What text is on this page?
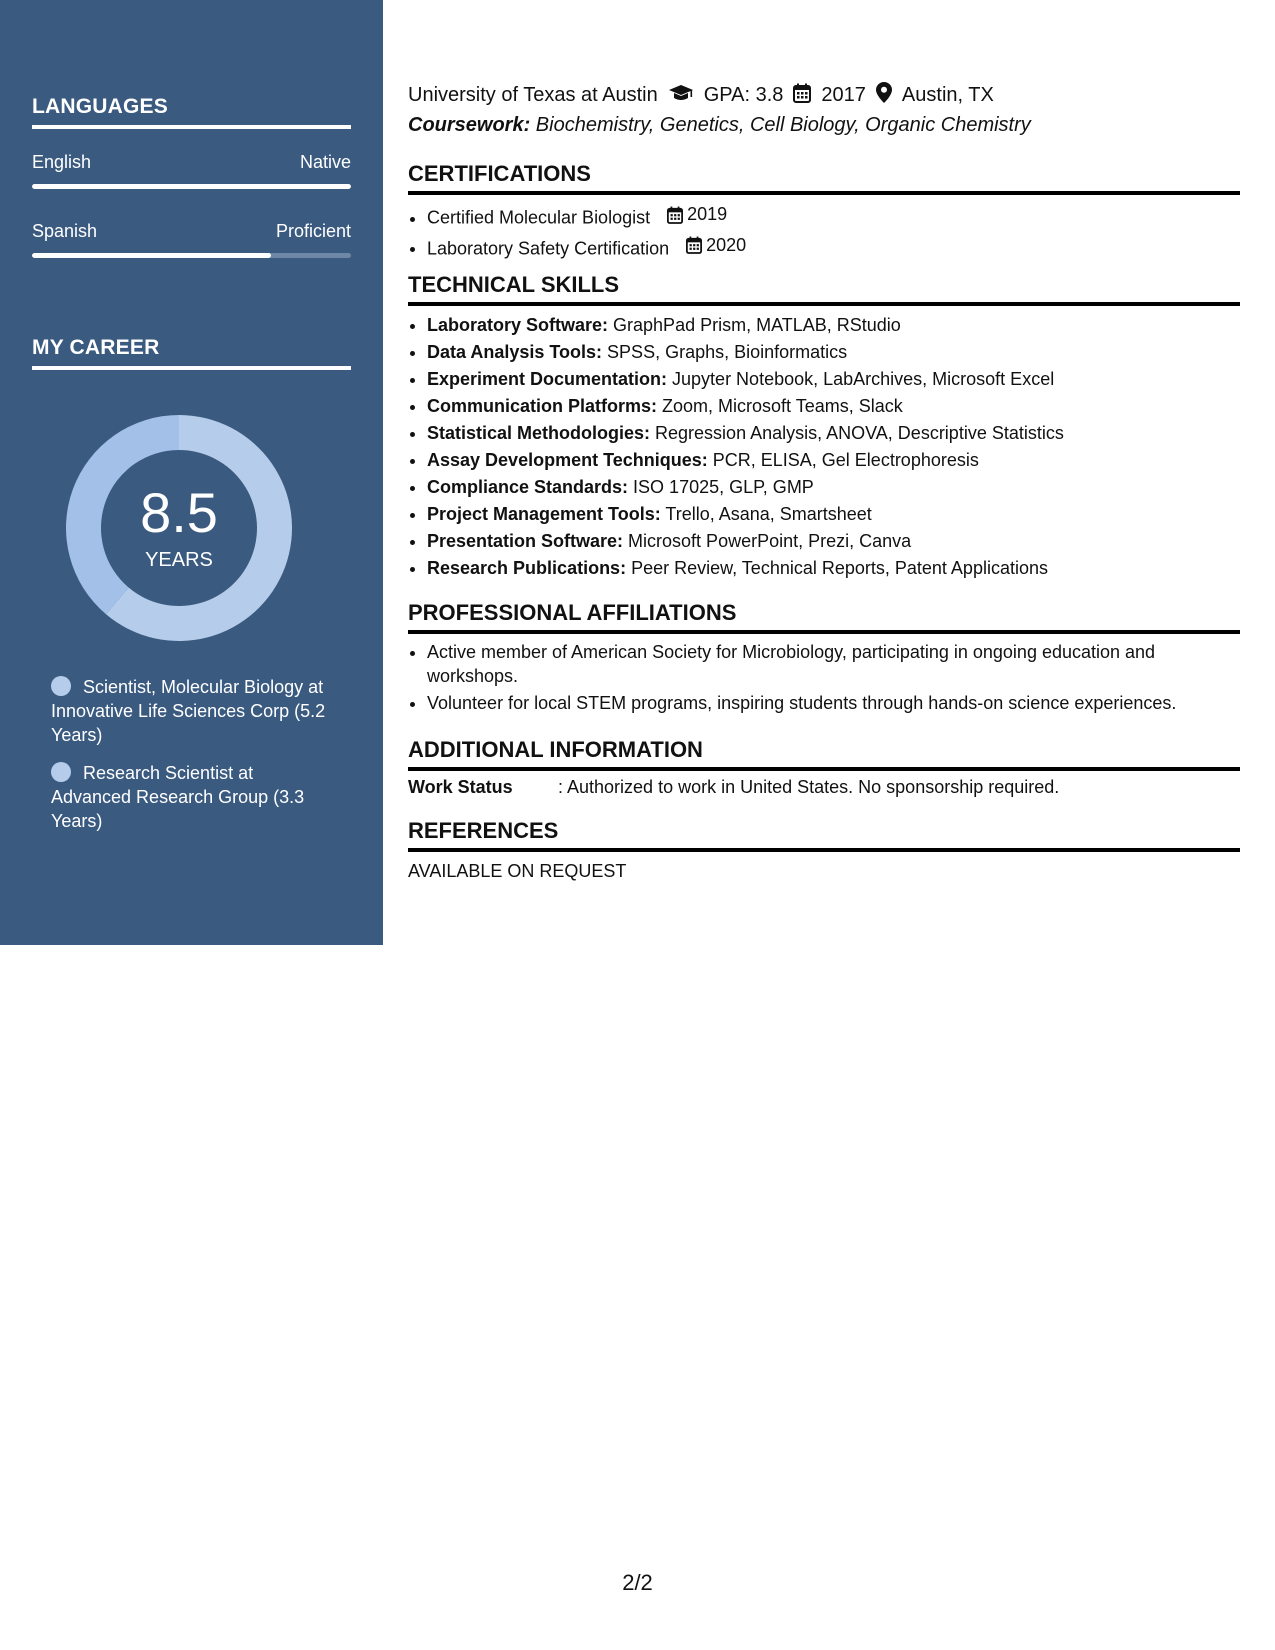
LANGUAGES
English	Native
Spanish	Proficient
MY CAREER
8.5
YEARS
Scientist, Molecular Biology at Innovative Life Sciences Corp (5.2 Years)
Research Scientist at Advanced Research Group (3.3 Years)
University of Texas at Austin GPA: 3.8 2017 Austin, TX
Coursework: Biochemistry, Genetics, Cell Biology, Organic Chemistry
CERTIFICATIONS
• Certified Molecular Biologist 2019
• Laboratory Safety Certification 2020
TECHNICAL SKILLS
• Laboratory Software: GraphPad Prism, MATLAB, RStudio
• Data Analysis Tools: SPSS, Graphs, Bioinformatics
• Experiment Documentation: Jupyter Notebook, LabArchives, Microsoft Excel
• Communication Platforms: Zoom, Microsoft Teams, Slack
• Statistical Methodologies: Regression Analysis, ANOVA, Descriptive Statistics
• Assay Development Techniques: PCR, ELISA, Gel Electrophoresis
• Compliance Standards: ISO 17025, GLP, GMP
• Project Management Tools: Trello, Asana, Smartsheet
• Presentation Software: Microsoft PowerPoint, Prezi, Canva
• Research Publications: Peer Review, Technical Reports, Patent Applications
PROFESSIONAL AFFILIATIONS
• Active member of American Society for Microbiology, participating in ongoing education and workshops.
• Volunteer for local STEM programs, inspiring students through hands-on science experiences.
ADDITIONAL INFORMATION
Work Status	: Authorized to work in United States. No sponsorship required.
REFERENCES
AVAILABLE ON REQUEST
2/2
